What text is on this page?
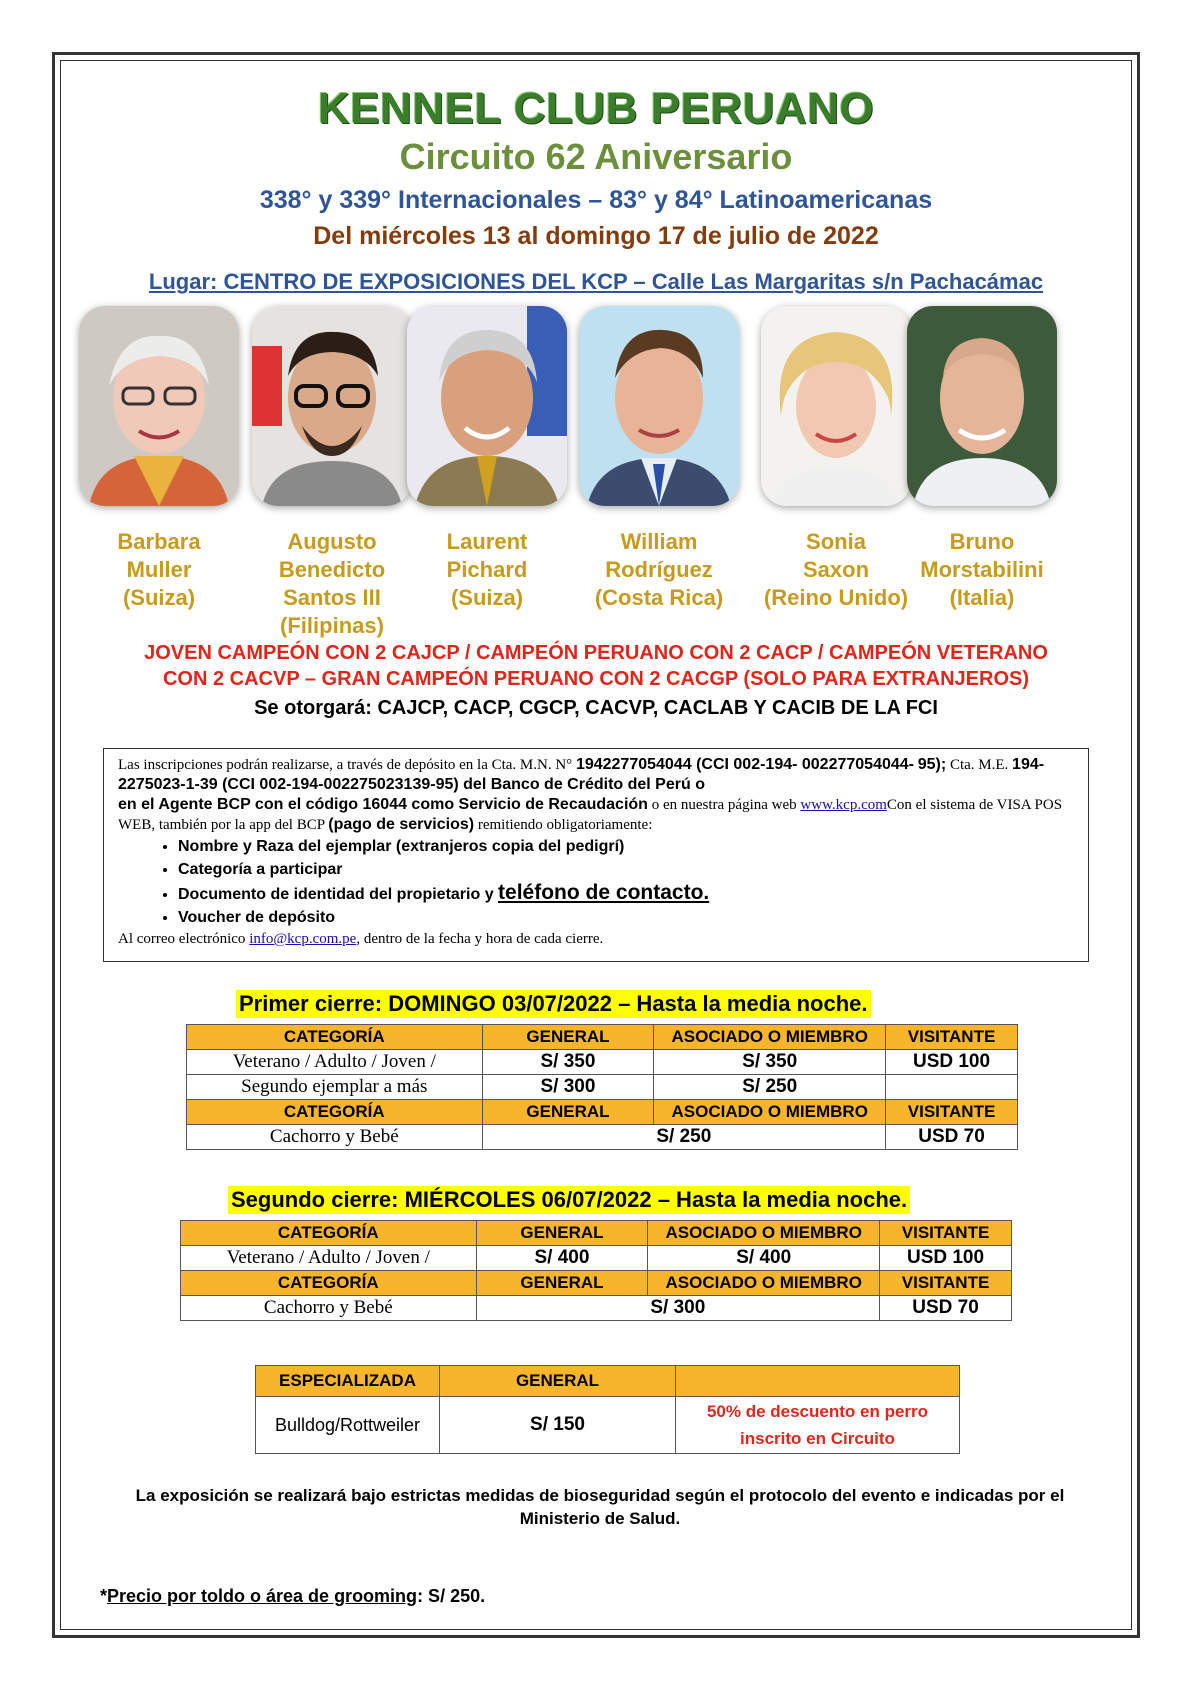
KENNEL CLUB PERUANO
Circuito 62 Aniversario
338° y 339° Internacionales – 83° y 84° Latinoamericanas
Del miércoles 13 al domingo 17 de julio de 2022
Lugar: CENTRO DE EXPOSICIONES DEL KCP – Calle Las Margaritas s/n Pachacámac
Barbara
Muller
(Suiza)
Augusto Benedicto
Santos III
(Filipinas)
Laurent
Pichard
(Suiza)
William
Rodríguez
(Costa Rica)
Sonia
Saxon
(Reino Unido)
Bruno
Morstabilini
(Italia)
JOVEN CAMPEÓN CON 2 CAJCP / CAMPEÓN PERUANO CON 2 CACP / CAMPEÓN VETERANO
CON 2 CACVP – GRAN CAMPEÓN PERUANO CON 2 CACGP (SOLO PARA EXTRANJEROS)
Se otorgará: CAJCP, CACP, CGCP, CACVP, CACLAB Y CACIB DE LA FCI
Las inscripciones podrán realizarse, a través de depósito en la Cta. M.N. N° 1942277054044 (CCI 002-194- 002277054044- 95); Cta. M.E. 194-2275023-1-39 (CCI 002-194-002275023139-95) del Banco de Crédito del Perú o
en el Agente BCP con el código 16044 como Servicio de Recaudación o en nuestra página web www.kcp.comCon el sistema de VISA POS WEB, también por la app del BCP (pago de servicios) remitiendo obligatoriamente:
• Nombre y Raza del ejemplar (extranjeros copia del pedigrí)
• Categoría a participar
• Documento de identidad del propietario y teléfono de contacto.
• Voucher de depósito
Al correo electrónico info@kcp.com.pe, dentro de la fecha y hora de cada cierre.
Primer cierre: DOMINGO 03/07/2022 – Hasta la media noche.
CATEGORÍA	GENERAL	ASOCIADO O MIEMBRO	VISITANTE
Veterano / Adulto / Joven /	S/ 350	S/ 350	USD 100
Segundo ejemplar a más	S/ 300	S/ 250	
CATEGORÍA	GENERAL	ASOCIADO O MIEMBRO	VISITANTE
Cachorro y Bebé	S/ 250		USD 70
Segundo cierre: MIÉRCOLES 06/07/2022 – Hasta la media noche.
CATEGORÍA	GENERAL	ASOCIADO O MIEMBRO	VISITANTE
Veterano / Adulto / Joven /	S/ 400	S/ 400	USD 100
CATEGORÍA	GENERAL	ASOCIADO O MIEMBRO	VISITANTE
Cachorro y Bebé	S/ 300		USD 70
ESPECIALIZADA	GENERAL	
Bulldog/Rottweiler	S/ 150	50% de descuento en perro
inscrito en Circuito
La exposición se realizará bajo estrictas medidas de bioseguridad según el protocolo del evento e indicadas por el Ministerio de Salud.
*Precio por toldo o área de grooming: S/ 250.
